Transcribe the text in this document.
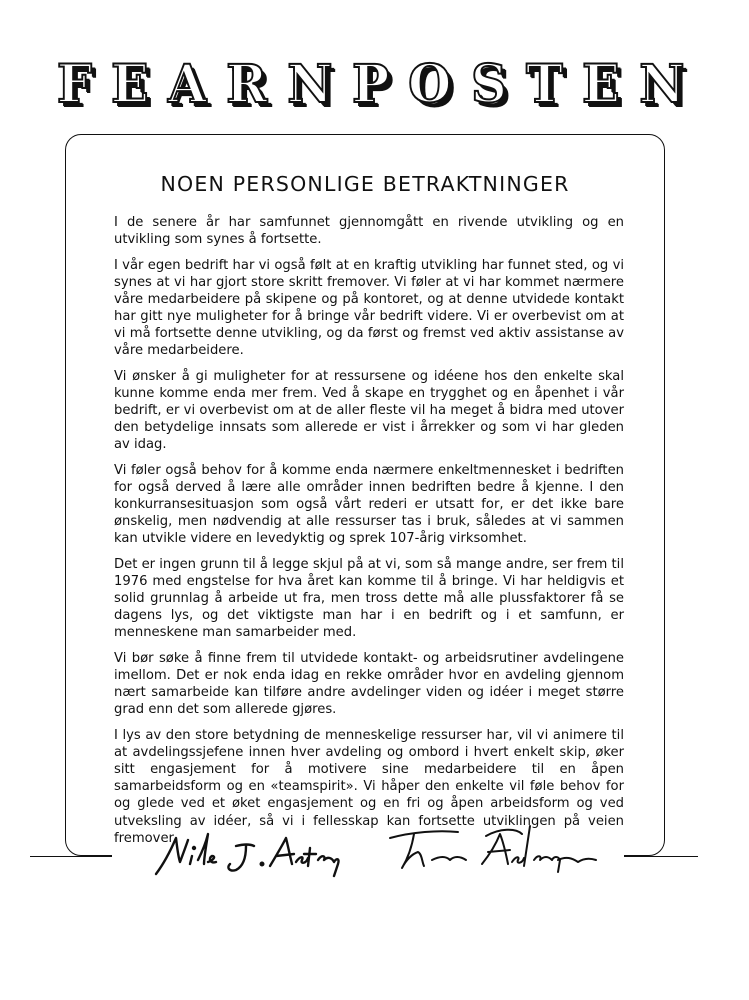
F E A R N P O S T E N
NOEN PERSONLIGE BETRAKTNINGER

I de senere år har samfunnet gjennomgått en rivende utvikling og en utvikling som synes å fortsette.

I vår egen bedrift har vi også følt at en kraftig utvikling har funnet sted, og vi synes at vi har gjort store skritt fremover. Vi føler at vi har kommet nærmere våre medarbeidere på skipene og på kontoret, og at denne utvidede kontakt har gitt nye muligheter for å bringe vår bedrift videre. Vi er overbevist om at vi må fortsette denne utvikling, og da først og fremst ved aktiv assistanse av våre medarbeidere.

Vi ønsker å gi muligheter for at ressursene og idéene hos den enkelte skal kunne komme enda mer frem. Ved å skape en trygghet og en åpenhet i vår bedrift, er vi overbevist om at de aller fleste vil ha meget å bidra med utover den betydelige innsats som allerede er vist i årrekker og som vi har gleden av idag.

Vi føler også behov for å komme enda nærmere enkeltmennesket i bedriften for også derved å lære alle områder innen bedriften bedre å kjenne. I den konkurransesituasjon som også vårt rederi er utsatt for, er det ikke bare ønskelig, men nødvendig at alle ressurser tas i bruk, således at vi sammen kan utvikle videre en levedyktig og sprek 107-årig virksomhet.

Det er ingen grunn til å legge skjul på at vi, som så mange andre, ser frem til 1976 med engstelse for hva året kan komme til å bringe. Vi har heldigvis et solid grunnlag å arbeide ut fra, men tross dette må alle plussfaktorer få se dagens lys, og det viktigste man har i en bedrift og i et samfunn, er menneskene man samarbeider med.

Vi bør søke å finne frem til utvidede kontakt- og arbeidsrutiner avdelingene imellom. Det er nok enda idag en rekke områder hvor en avdeling gjennom nært samarbeide kan tilføre andre avdelinger viden og idéer i meget større grad enn det som allerede gjøres.

I lys av den store betydning de menneskelige ressurser har, vil vi animere til at avdelingssjefene innen hver avdeling og ombord i hvert enkelt skip, øker sitt engasjement for å motivere sine medarbeidere til en åpen samarbeidsform og en «teamspirit». Vi håper den enkelte vil føle behov for og glede ved et øket engasjement og en fri og åpen arbeidsform og ved utveksling av idéer, så vi i fellesskap kan fortsette utviklingen på veien fremover.
